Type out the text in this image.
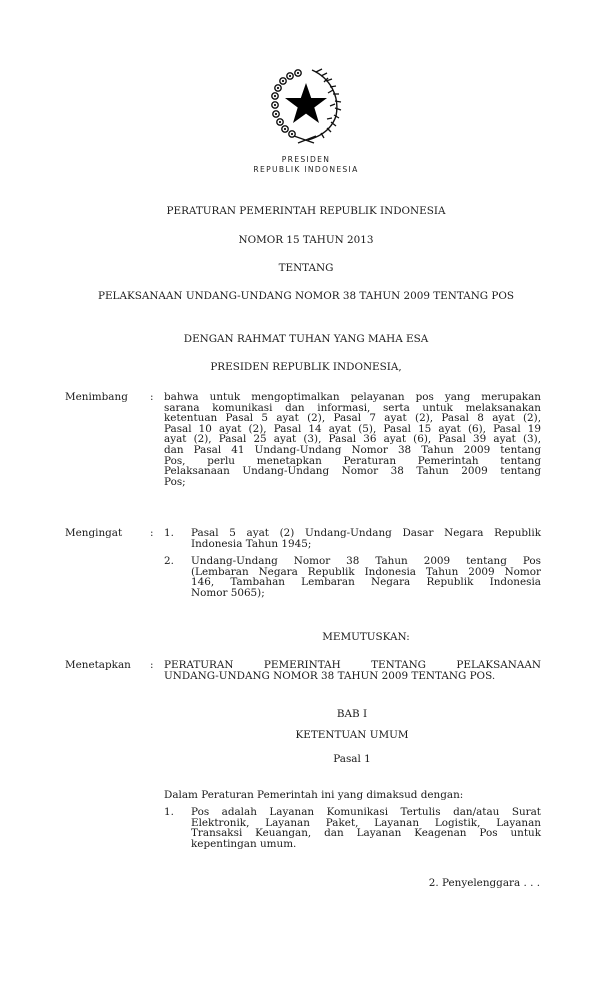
PRESIDEN
REPUBLIK INDONESIA
PERATURAN PEMERINTAH REPUBLIK INDONESIA
NOMOR 15 TAHUN 2013
TENTANG
PELAKSANAAN UNDANG-UNDANG NOMOR 38 TAHUN 2009 TENTANG POS
DENGAN RAHMAT TUHAN YANG MAHA ESA
PRESIDEN REPUBLIK INDONESIA,
Menimbang : bahwa untuk mengoptimalkan pelayanan pos yang merupakan
sarana komunikasi dan informasi, serta untuk melaksanakan
ketentuan Pasal 5 ayat (2), Pasal 7 ayat (2), Pasal 8 ayat (2),
Pasal 10 ayat (2), Pasal 14 ayat (5), Pasal 15 ayat (6), Pasal 19
ayat (2), Pasal 25 ayat (3), Pasal 36 ayat (6), Pasal 39 ayat (3),
dan Pasal 41 Undang-Undang Nomor 38 Tahun 2009 tentang
Pos, perlu menetapkan Peraturan Pemerintah tentang
Pelaksanaan Undang-Undang Nomor 38 Tahun 2009 tentang
Pos;
Mengingat	: 1. Pasal 5 ayat (2) Undang-Undang Dasar Negara Republik
Indonesia Tahun 1945;
2. Undang-Undang Nomor 38 Tahun 2009 tentang Pos
(Lembaran Negara Republik Indonesia Tahun 2009 Nomor
146, Tambahan Lembaran Negara Republik Indonesia
Nomor 5065);
MEMUTUSKAN:
Menetapkan : PERATURAN PEMERINTAH TENTANG PELAKSANAAN
UNDANG-UNDANG NOMOR 38 TAHUN 2009 TENTANG POS.
BAB I
KETENTUAN UMUM
Pasal 1
Dalam Peraturan Pemerintah ini yang dimaksud dengan:
1. Pos adalah Layanan Komunikasi Tertulis dan/atau Surat
Elektronik, Layanan Paket, Layanan Logistik, Layanan
Transaksi Keuangan, dan Layanan Keagenan Pos untuk
kepentingan umum.
2. Penyelenggara . . .
